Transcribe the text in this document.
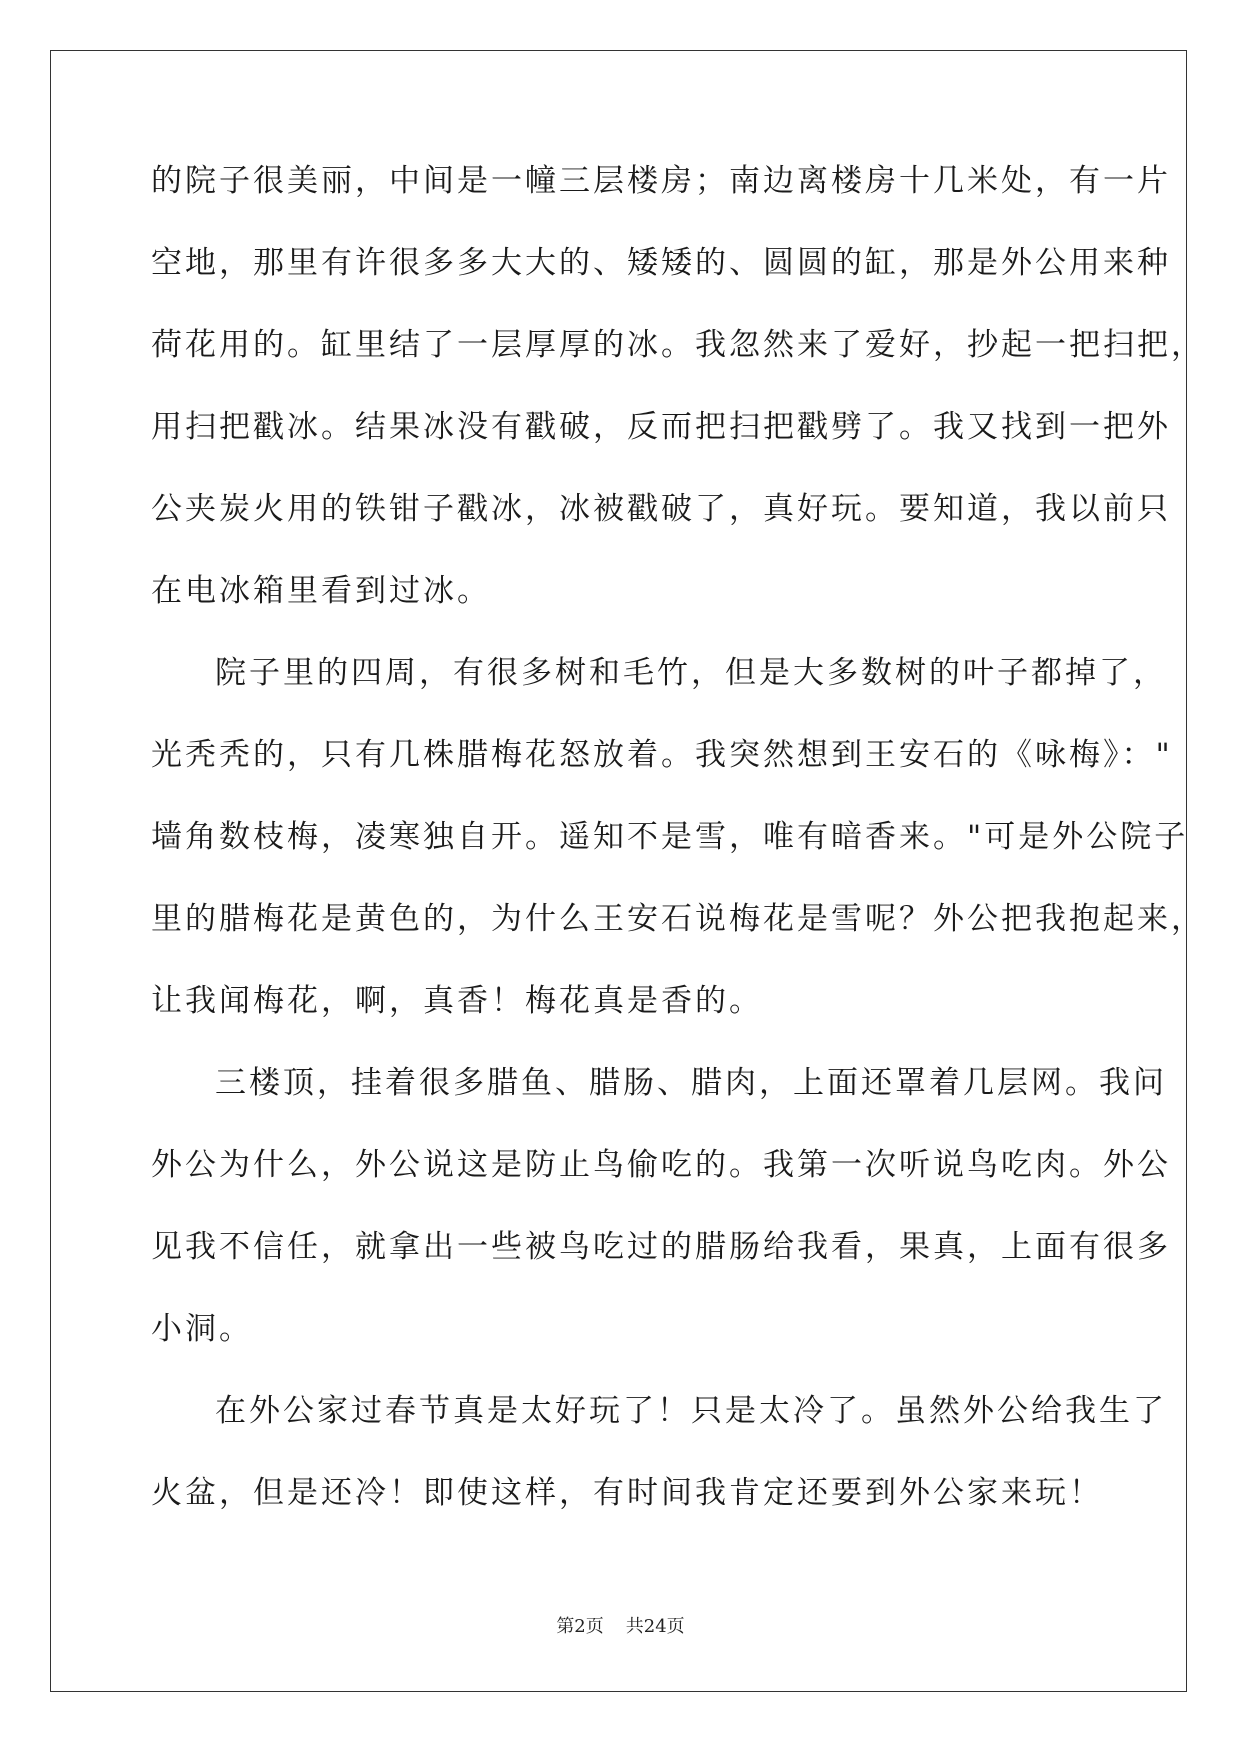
的院子很美丽，中间是一幢三层楼房；南边离楼房十几米处，有一片
空地，那里有许很多多大大的、矮矮的、圆圆的缸，那是外公用来种
荷花用的。缸里结了一层厚厚的冰。我忽然来了爱好，抄起一把扫把，
用扫把戳冰。结果冰没有戳破，反而把扫把戳劈了。我又找到一把外
公夹炭火用的铁钳子戳冰，冰被戳破了，真好玩。要知道，我以前只
在电冰箱里看到过冰。
院子里的四周，有很多树和毛竹，但是大多数树的叶子都掉了，
光秃秃的，只有几株腊梅花怒放着。我突然想到王安石的《咏梅》："
墙角数枝梅，凌寒独自开。遥知不是雪，唯有暗香来。"可是外公院子
里的腊梅花是黄色的，为什么王安石说梅花是雪呢？外公把我抱起来，
让我闻梅花，啊，真香！梅花真是香的。
三楼顶，挂着很多腊鱼、腊肠、腊肉，上面还罩着几层网。我问
外公为什么，外公说这是防止鸟偷吃的。我第一次听说鸟吃肉。外公
见我不信任，就拿出一些被鸟吃过的腊肠给我看，果真，上面有很多
小洞。
在外公家过春节真是太好玩了！只是太冷了。虽然外公给我生了
火盆，但是还冷！即使这样，有时间我肯定还要到外公家来玩！
第2页 共24页
